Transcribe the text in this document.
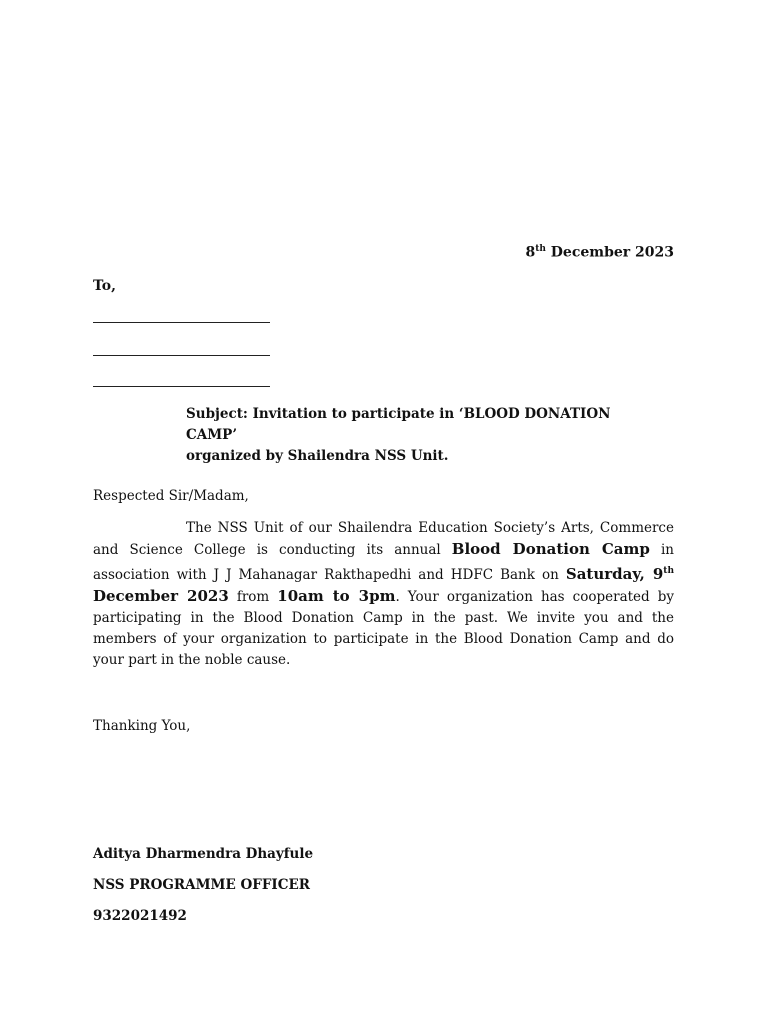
8th December 2023
To,
Subject: Invitation to participate in ‘BLOOD DONATION CAMP’
organized by Shailendra NSS Unit.
Respected Sir/Madam,
The NSS Unit of our Shailendra Education Society’s Arts, Commerce and Science College is conducting its annual Blood Donation Camp in association with J J Mahanagar Rakthapedhi and HDFC Bank on Saturday, 9th December 2023 from 10am to 3pm. Your organization has cooperated by participating in the Blood Donation Camp in the past. We invite you and the members of your organization to participate in the Blood Donation Camp and do your part in the noble cause.
Thanking You,
Aditya Dharmendra Dhayfule
NSS PROGRAMME OFFICER
9322021492
